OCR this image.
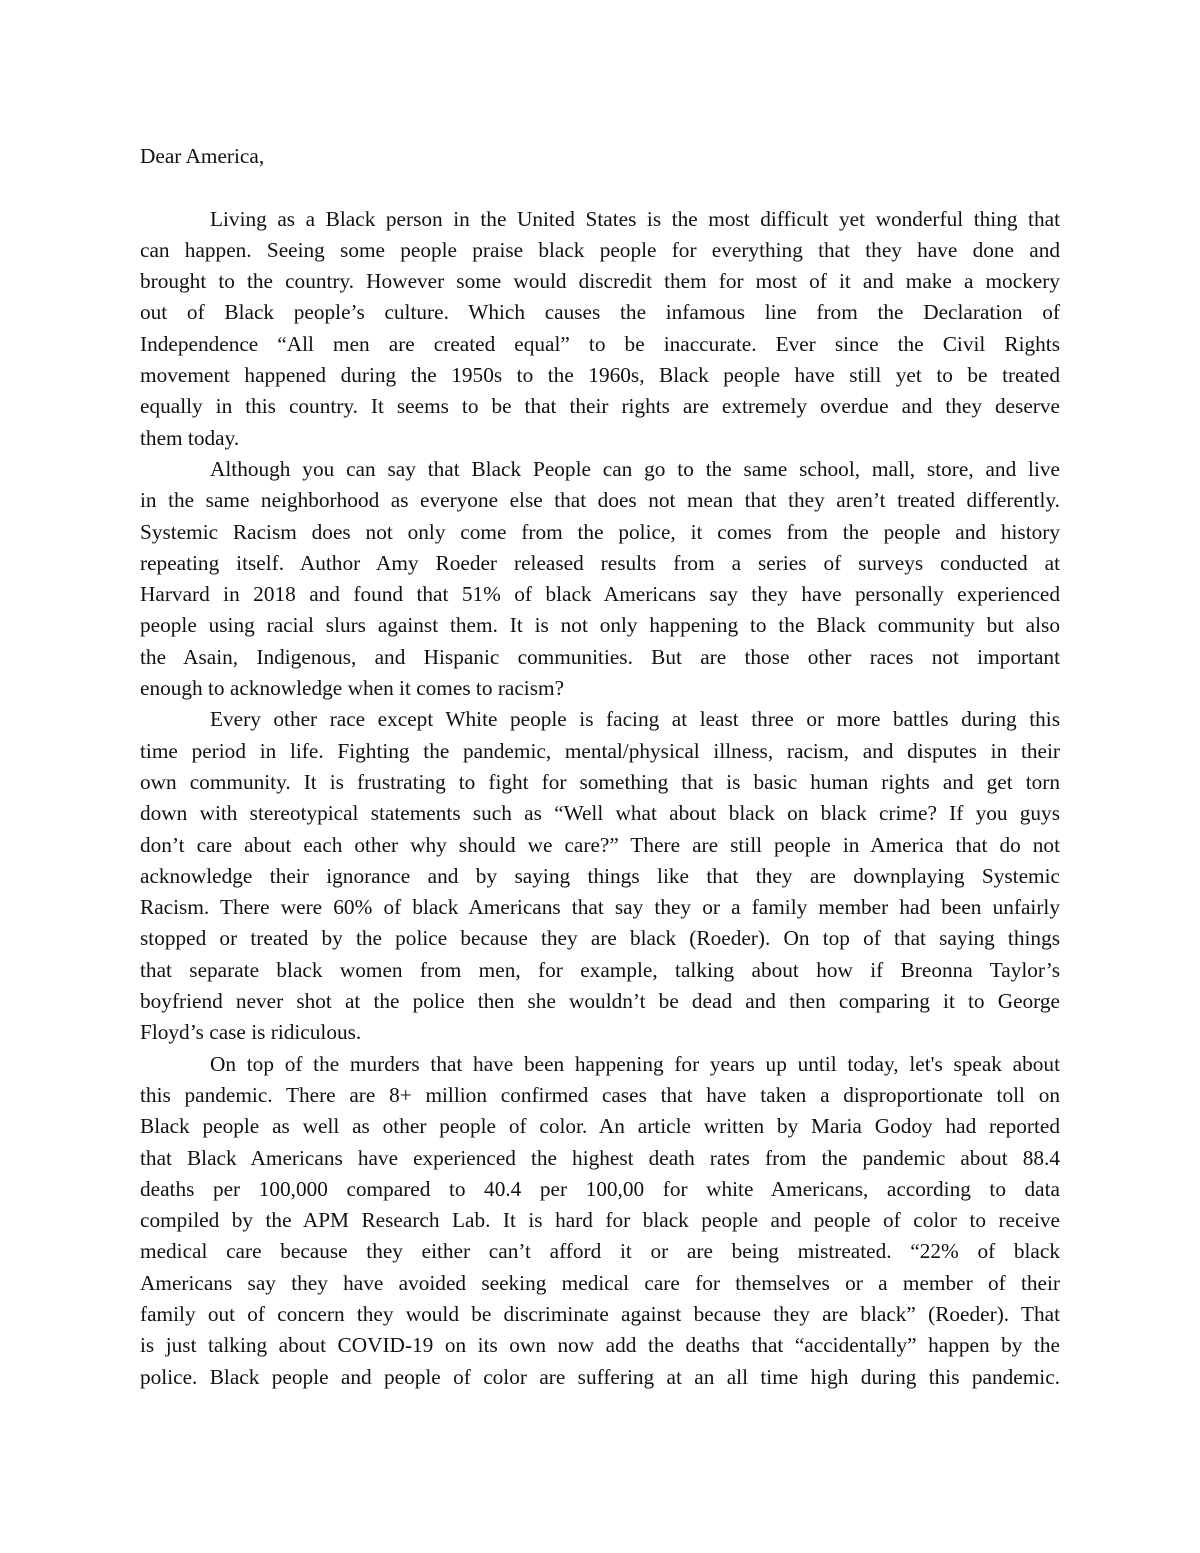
Dear America,
Living as a Black person in the United States is the most difficult yet wonderful thing that
can happen. Seeing some people praise black people for everything that they have done and
brought to the country. However some would discredit them for most of it and make a mockery
out of Black people’s culture. Which causes the infamous line from the Declaration of
Independence “All men are created equal” to be inaccurate. Ever since the Civil Rights
movement happened during the 1950s to the 1960s, Black people have still yet to be treated
equally in this country. It seems to be that their rights are extremely overdue and they deserve
them today.
Although you can say that Black People can go to the same school, mall, store, and live
in the same neighborhood as everyone else that does not mean that they aren’t treated differently.
Systemic Racism does not only come from the police, it comes from the people and history
repeating itself. Author Amy Roeder released results from a series of surveys conducted at
Harvard in 2018 and found that 51% of black Americans say they have personally experienced
people using racial slurs against them. It is not only happening to the Black community but also
the Asain, Indigenous, and Hispanic communities. But are those other races not important
enough to acknowledge when it comes to racism?
Every other race except White people is facing at least three or more battles during this
time period in life. Fighting the pandemic, mental/physical illness, racism, and disputes in their
own community. It is frustrating to fight for something that is basic human rights and get torn
down with stereotypical statements such as “Well what about black on black crime? If you guys
don’t care about each other why should we care?” There are still people in America that do not
acknowledge their ignorance and by saying things like that they are downplaying Systemic
Racism. There were 60% of black Americans that say they or a family member had been unfairly
stopped or treated by the police because they are black (Roeder). On top of that saying things
that separate black women from men, for example, talking about how if Breonna Taylor’s
boyfriend never shot at the police then she wouldn’t be dead and then comparing it to George
Floyd’s case is ridiculous.
On top of the murders that have been happening for years up until today, let's speak about
this pandemic. There are 8+ million confirmed cases that have taken a disproportionate toll on
Black people as well as other people of color. An article written by Maria Godoy had reported
that Black Americans have experienced the highest death rates from the pandemic about 88.4
deaths per 100,000 compared to 40.4 per 100,00 for white Americans, according to data
compiled by the APM Research Lab. It is hard for black people and people of color to receive
medical care because they either can’t afford it or are being mistreated. “22% of black
Americans say they have avoided seeking medical care for themselves or a member of their
family out of concern they would be discriminate against because they are black” (Roeder). That
is just talking about COVID-19 on its own now add the deaths that “accidentally” happen by the
police. Black people and people of color are suffering at an all time high during this pandemic.
